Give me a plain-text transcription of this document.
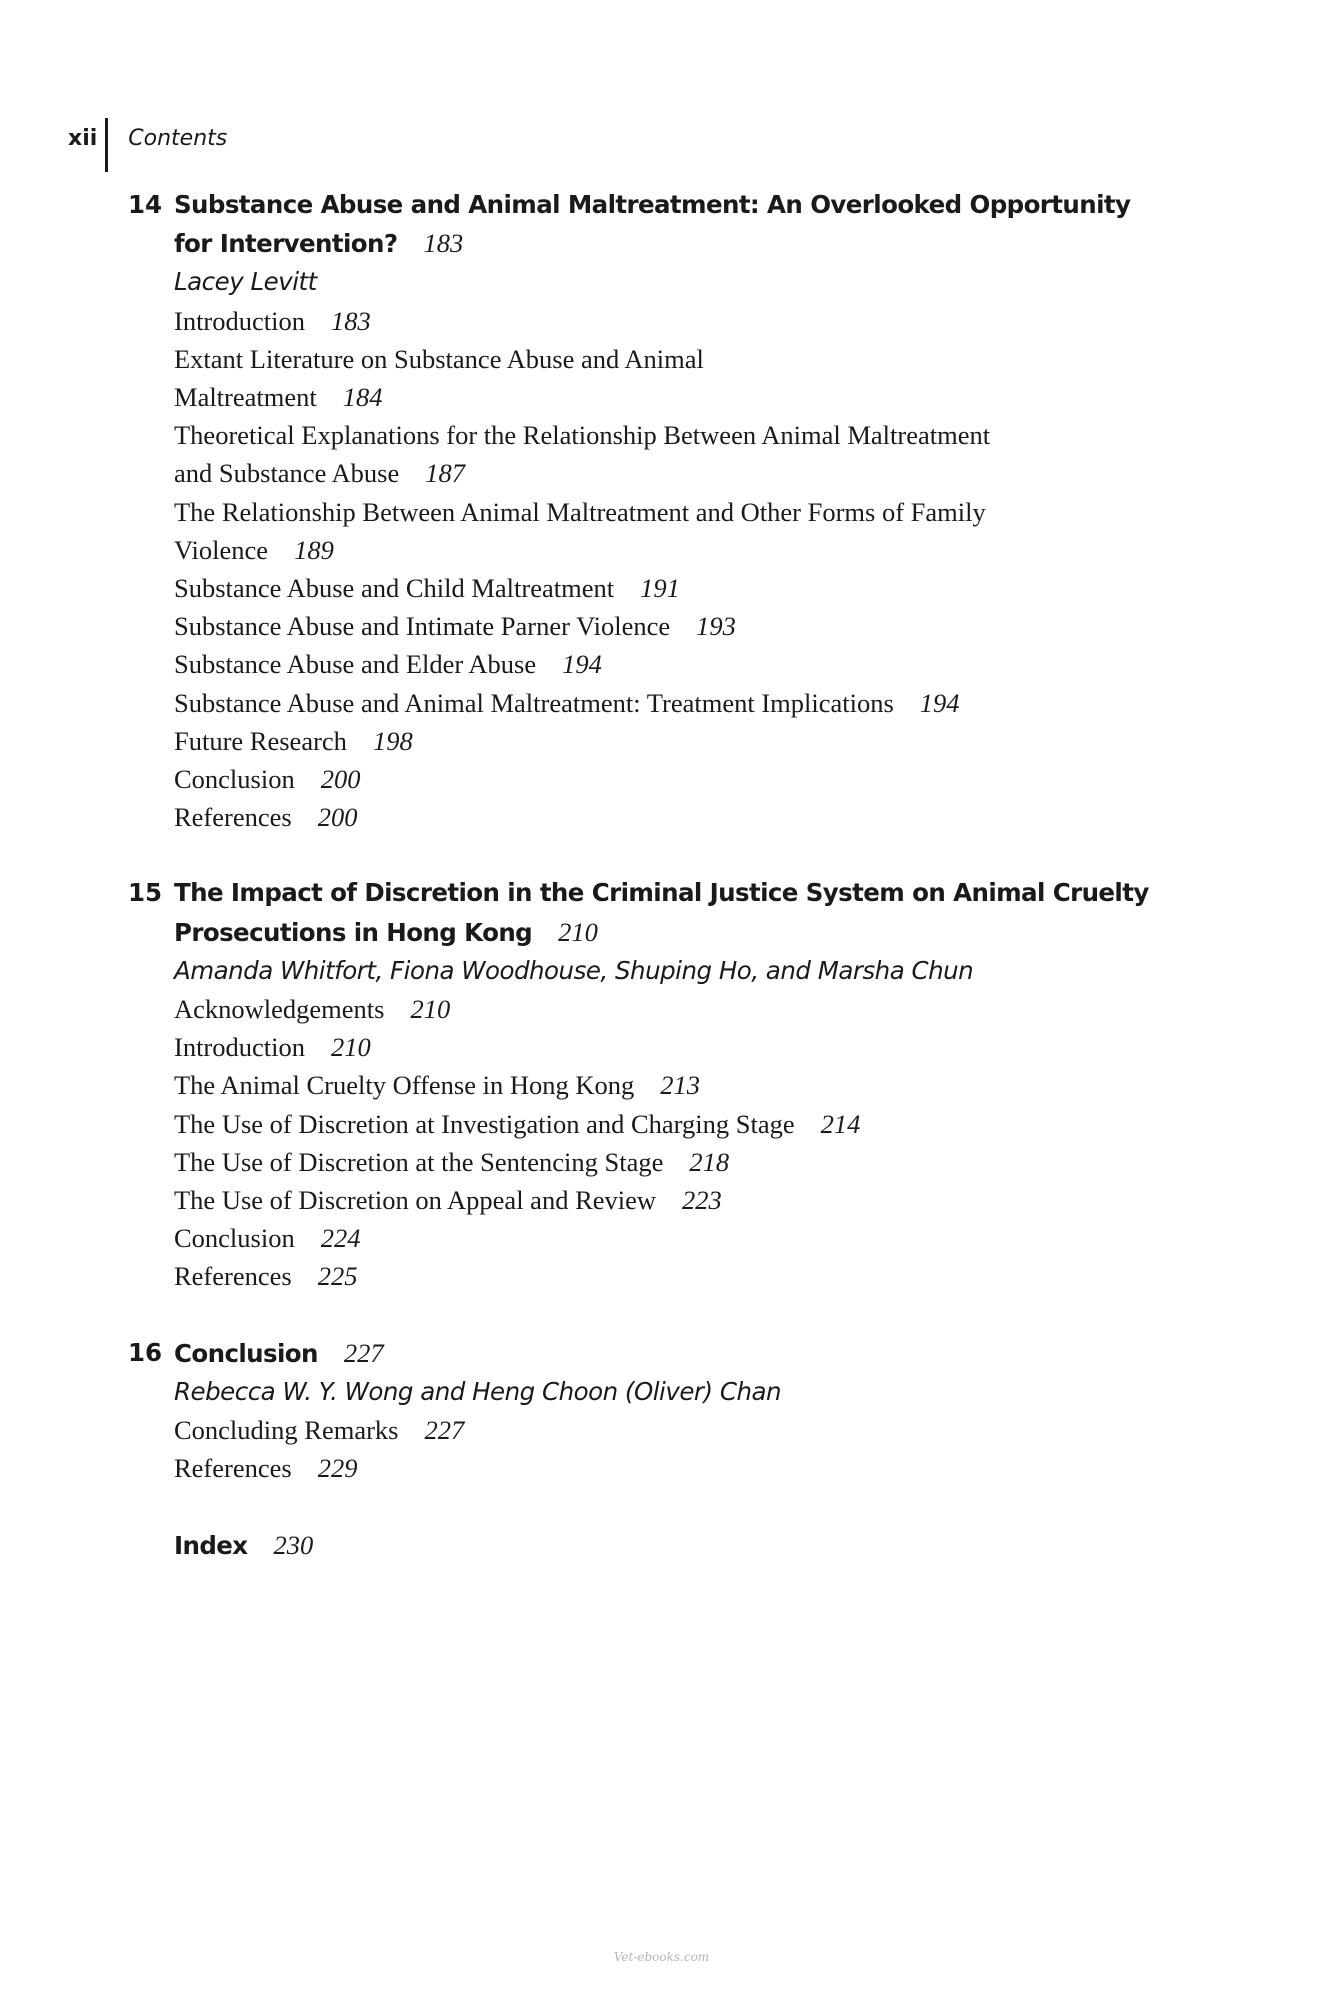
xii	Contents
14 Substance Abuse and Animal Maltreatment: An Overlooked Opportunity
for Intervention? 183
Lacey Levitt
Introduction 183
Extant Literature on Substance Abuse and Animal
Maltreatment 184
Theoretical Explanations for the Relationship Between Animal Maltreatment
and Substance Abuse 187
The Relationship Between Animal Maltreatment and Other Forms of Family
Violence 189
Substance Abuse and Child Maltreatment 191
Substance Abuse and Intimate Parner Violence 193
Substance Abuse and Elder Abuse 194
Substance Abuse and Animal Maltreatment: Treatment Implications 194
Future Research 198
Conclusion 200
References 200
15 The Impact of Discretion in the Criminal Justice System on Animal Cruelty
Prosecutions in Hong Kong 210
Amanda Whitfort, Fiona Woodhouse, Shuping Ho, and Marsha Chun
Acknowledgements 210
Introduction 210
The Animal Cruelty Offense in Hong Kong 213
The Use of Discretion at Investigation and Charging Stage 214
The Use of Discretion at the Sentencing Stage 218
The Use of Discretion on Appeal and Review 223
Conclusion 224
References 225
16 Conclusion 227
Rebecca W. Y. Wong and Heng Choon (Oliver) Chan
Concluding Remarks 227
References 229
Index 230
Vet-ebooks.com
